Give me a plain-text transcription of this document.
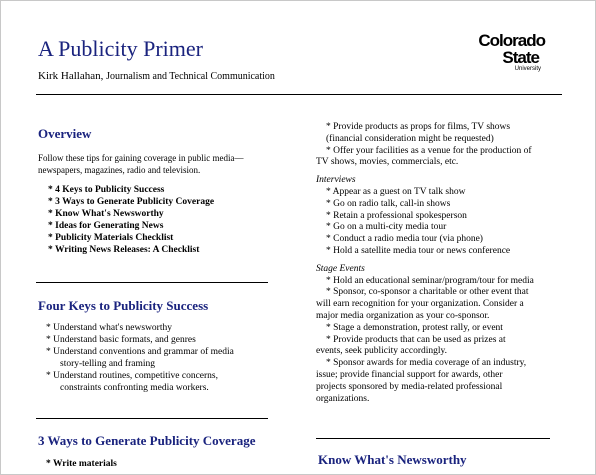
A Publicity Primer
Kirk Hallahan, Journalism and Technical Communication
Colorado
State
University
Overview
Follow these tips for gaining coverage in public media—newspapers, magazines, radio and television.
* 4 Keys to Publicity Success
* 3 Ways to Generate Publicity Coverage
* Know What's Newsworthy
* Ideas for Generating News
* Publicity Materials Checklist
* Writing News Releases: A Checklist
Four Keys to Publicity Success
* Understand what's newsworthy
* Understand basic formats, and genres
* Understand conventions and grammar of media
story-telling and framing
* Understand routines, competitive concerns,
constraints confronting media workers.
3 Ways to Generate Publicity Coverage
* Write materials

* Provide products as props for films, TV shows

(financial consideration might be requested)

* Offer your facilities as a venue for the production of

TV shows, movies, commercials, etc.

Interviews

* Appear as a guest on TV talk show

* Go on radio talk, call-in shows

* Retain a professional spokesperson

* Go on a multi-city media tour

* Conduct a radio media tour (via phone)

* Hold a satellite media tour or news conference

Stage Events

* Hold an educational seminar/program/tour for media

* Sponsor, co-sponsor a charitable or other event that

will earn recognition for your organization. Consider a

major media organization as your co-sponsor.

* Stage a demonstration, protest rally, or event

* Provide products that can be used as prizes at

events, seek publicity accordingly.

* Sponsor awards for media coverage of an industry,

issue; provide financial support for awards, other

projects sponsored by media-related professional

organizations.

Know What's Newsworthy
